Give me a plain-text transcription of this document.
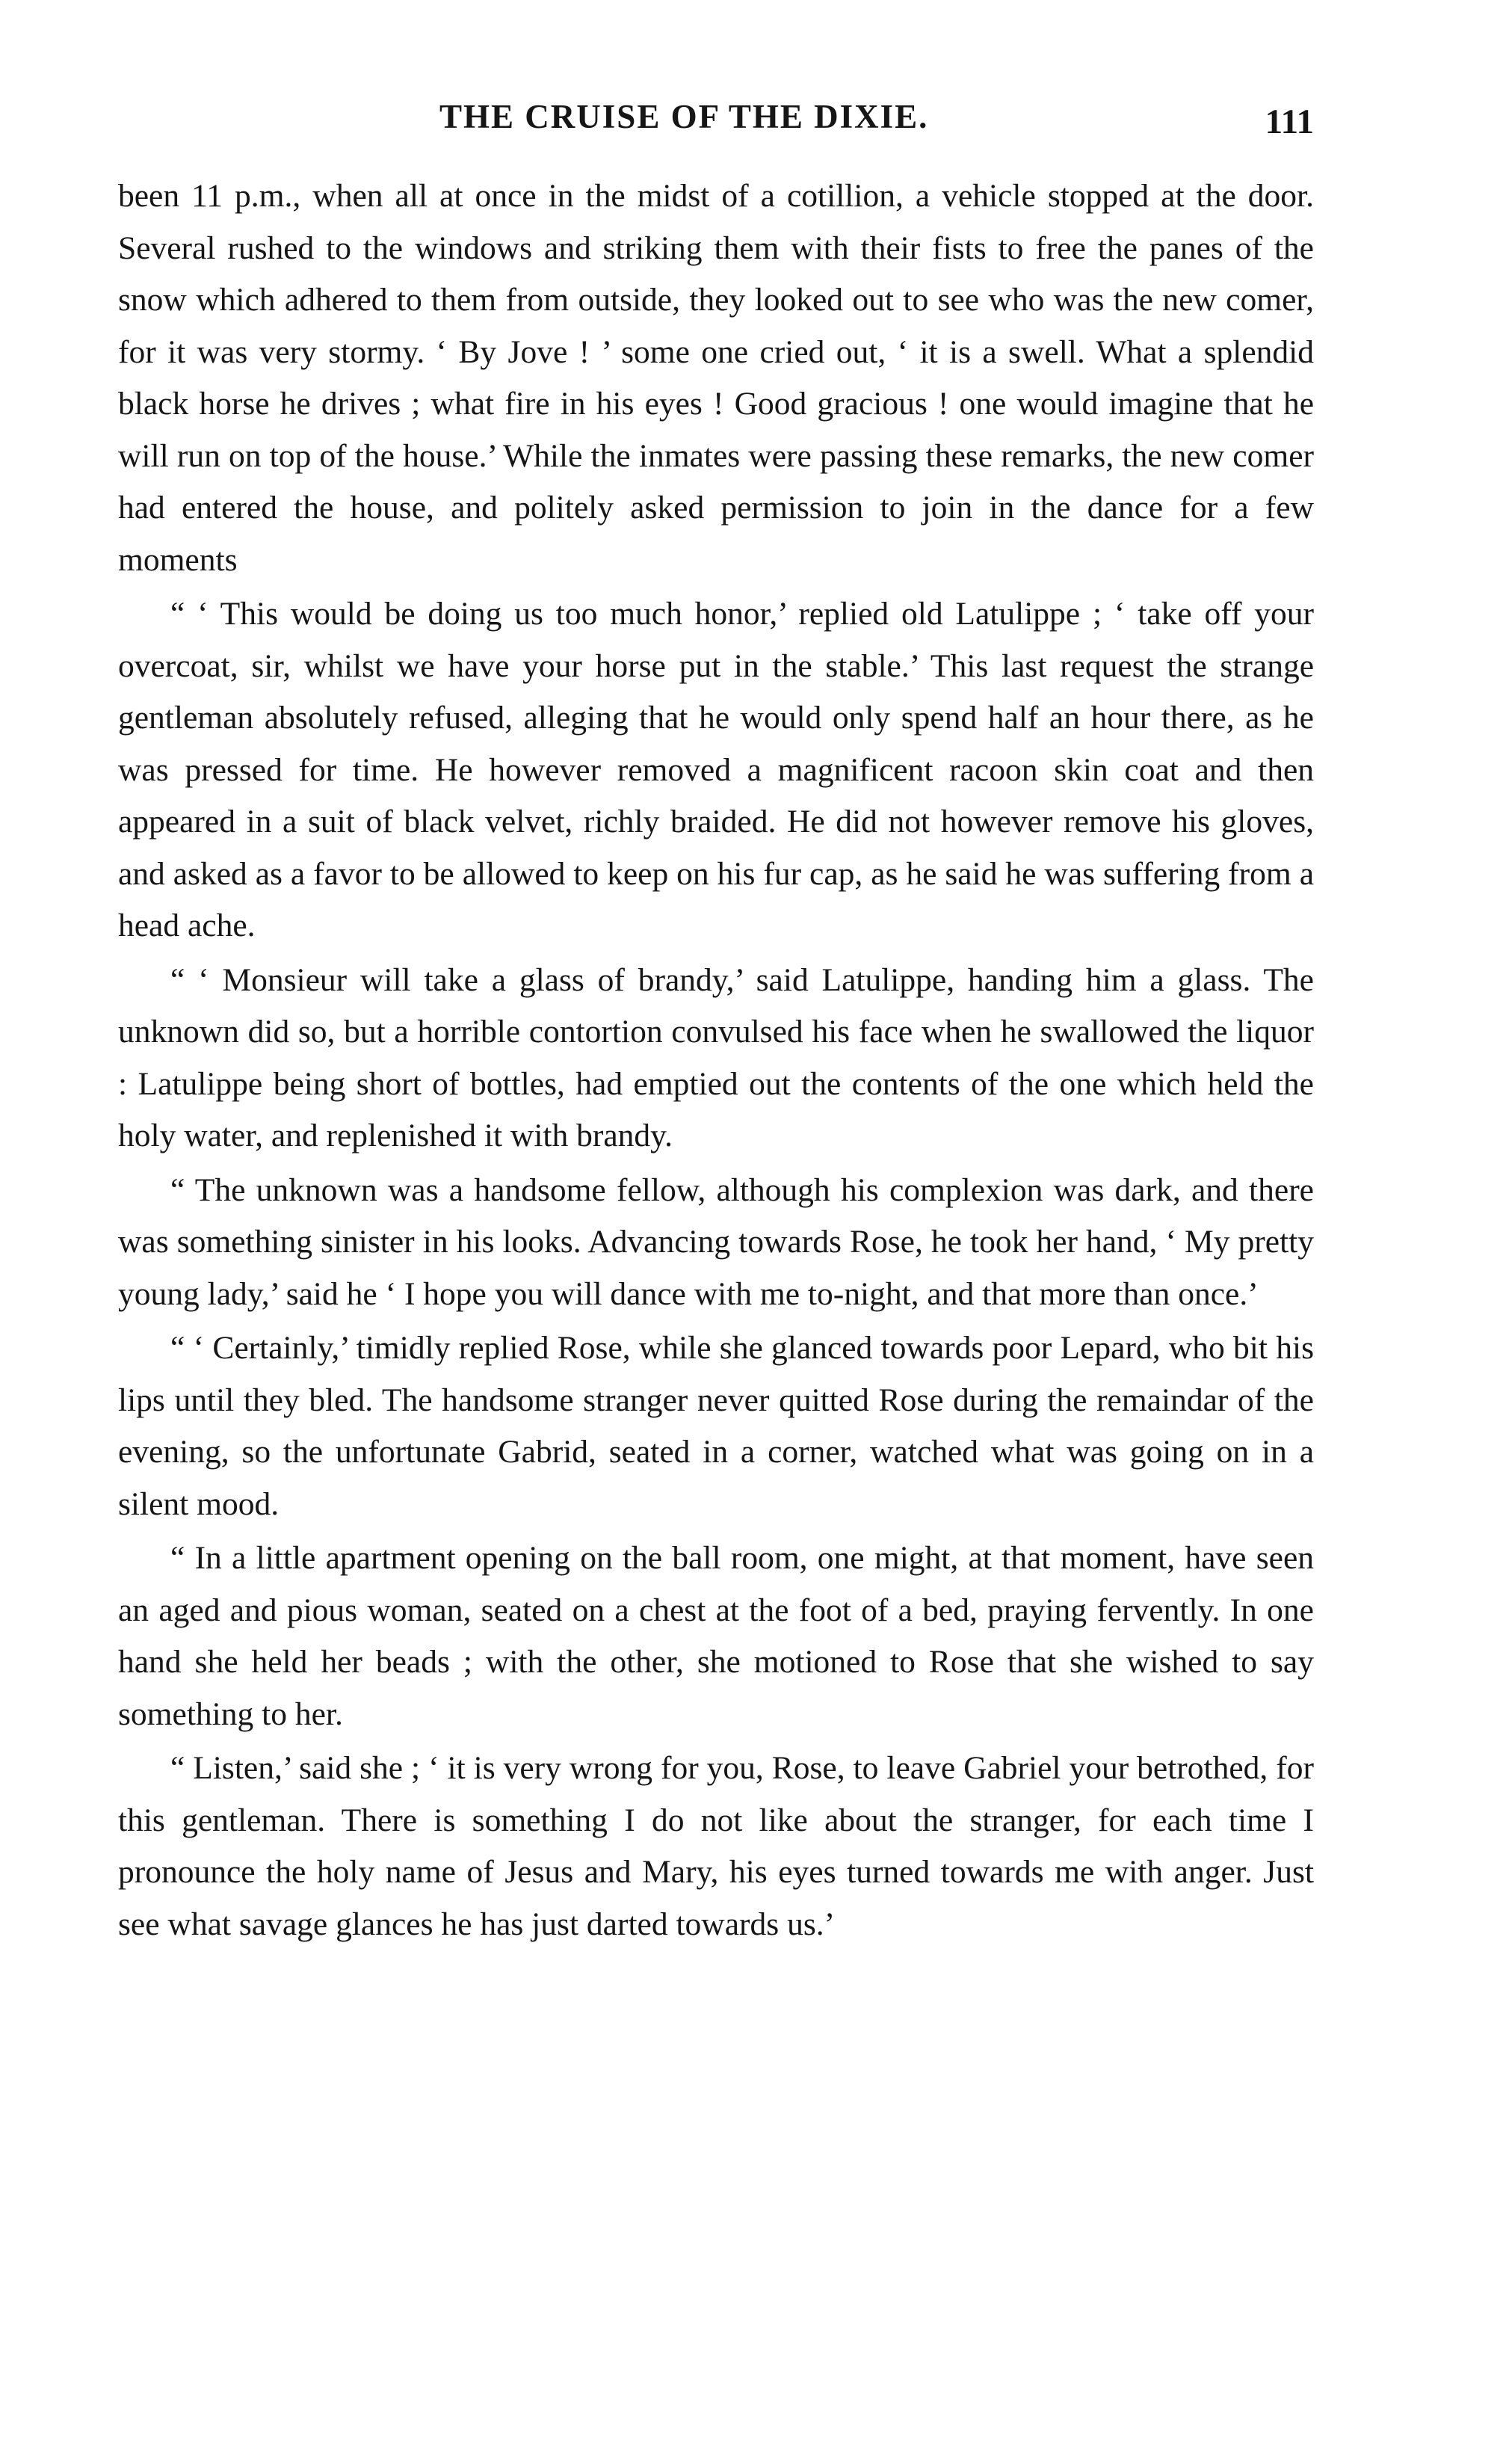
THE CRUISE OF THE DIXIE.	111

been 11 p.m., when all at once in the midst of a cotillion, a vehicle stopped at the door. Several rushed to the windows and striking them with their fists to free the panes of the snow which adhered to them from outside, they looked out to see who was the new comer, for it was very stormy. ‘ By Jove ! ’ some one cried out, ‘ it is a swell. What a splendid black horse he drives ; what fire in his eyes ! Good gracious ! one would imagine that he will run on top of the house.’ While the inmates were passing these remarks, the new comer had entered the house, and politely asked permission to join in the dance for a few moments

“ ‘ This would be doing us too much honor,’ replied old Latulippe ; ‘ take off your overcoat, sir, whilst we have your horse put in the stable.’ This last request the strange gentleman absolutely refused, alleging that he would only spend half an hour there, as he was pressed for time. He however removed a magnificent racoon skin coat and then appeared in a suit of black velvet, richly braided. He did not however remove his gloves, and asked as a favor to be allowed to keep on his fur cap, as he said he was suffering from a head ache.

“ ‘ Monsieur will take a glass of brandy,’ said Latulippe, handing him a glass. The unknown did so, but a horrible contortion convulsed his face when he swallowed the liquor : Latulippe being short of bottles, had emptied out the contents of the one which held the holy water, and replenished it with brandy.

“ The unknown was a handsome fellow, although his complexion was dark, and there was something sinister in his looks. Advancing towards Rose, he took her hand, ‘ My pretty young lady,’ said he ‘ I hope you will dance with me to-night, and that more than once.’

“ ‘ Certainly,’ timidly replied Rose, while she glanced towards poor Lepard, who bit his lips until they bled. The handsome stranger never quitted Rose during the remaindar of the evening, so the unfortunate Gabrid, seated in a corner, watched what was going on in a silent mood.

“ In a little apartment opening on the ball room, one might, at that moment, have seen an aged and pious woman, seated on a chest at the foot of a bed, praying fervently. In one hand she held her beads ; with the other, she motioned to Rose that she wished to say something to her.

“ Listen,’ said she ; ‘ it is very wrong for you, Rose, to leave Gabriel your betrothed, for this gentleman. There is something I do not like about the stranger, for each time I pronounce the holy name of Jesus and Mary, his eyes turned towards me with anger. Just see what savage glances he has just darted towards us.’
